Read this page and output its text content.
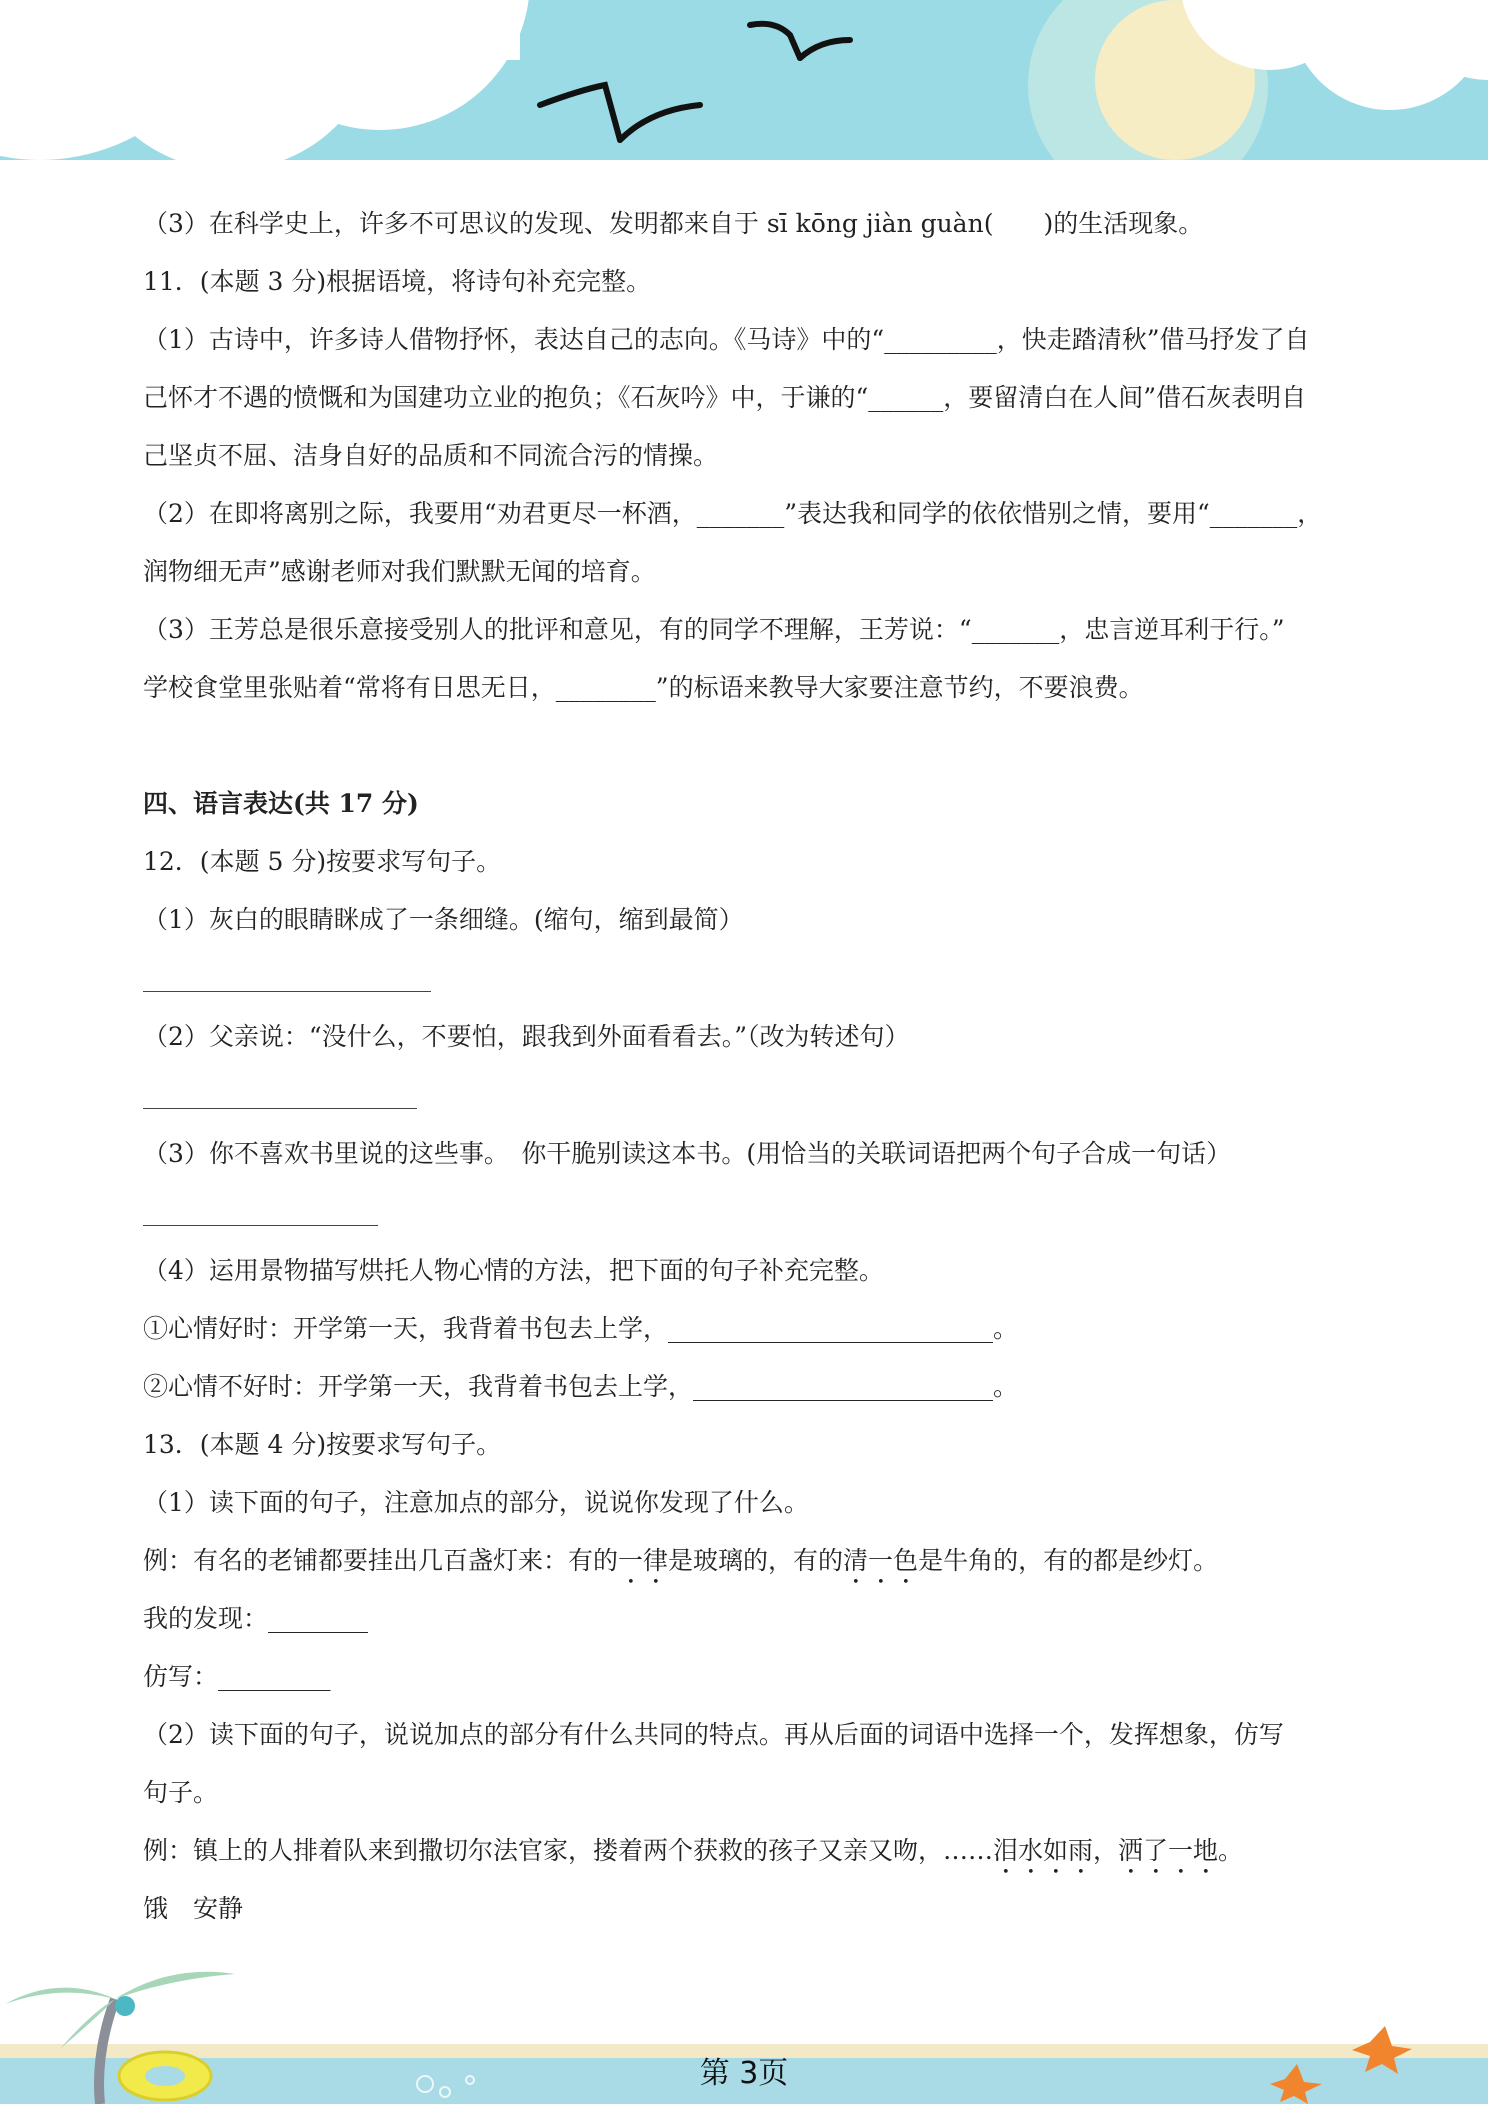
（3）在科学史上，许多不可思议的发现、发明都来自于 sī kōng jiàn guàn(　　)的生活现象。
11．(本题 3 分)根据语境，将诗句补充完整。
（1）古诗中，许多诗人借物抒怀，表达自己的志向。《马诗》中的“_________，快走踏清秋”借马抒发了自
己怀才不遇的愤慨和为国建功立业的抱负；《石灰吟》中，于谦的“______，要留清白在人间”借石灰表明自
己坚贞不屈、洁身自好的品质和不同流合污的情操。
（2）在即将离别之际，我要用“劝君更尽一杯酒，_______”表达我和同学的依依惜别之情，要用“_______，
润物细无声”感谢老师对我们默默无闻的培育。
（3）王芳总是很乐意接受别人的批评和意见，有的同学不理解，王芳说：“_______，忠言逆耳利于行。”
学校食堂里张贴着“常将有日思无日，________”的标语来教导大家要注意节约，不要浪费。
四、语言表达(共 17 分)
12．(本题 5 分)按要求写句子。
（1）灰白的眼睛眯成了一条细缝。(缩句，缩到最简）
（2）父亲说：“没什么，不要怕，跟我到外面看看去。”（改为转述句）
（3）你不喜欢书里说的这些事。　你干脆别读这本书。(用恰当的关联词语把两个句子合成一句话）
（4）运用景物描写烘托人物心情的方法，把下面的句子补充完整。
①心情好时：开学第一天，我背着书包去上学，__________________________。
②心情不好时：开学第一天，我背着书包去上学，________________________。
13．(本题 4 分)按要求写句子。
（1）读下面的句子，注意加点的部分，说说你发现了什么。
例：有名的老铺都要挂出几百盏灯来：有的一律是玻璃的，有的清一色是牛角的，有的都是纱灯。
我的发现：________
仿写：_________
（2）读下面的句子，说说加点的部分有什么共同的特点。再从后面的词语中选择一个，发挥想象，仿写
句子。
例：镇上的人排着队来到撒切尔法官家，搂着两个获救的孩子又亲又吻，……泪水如雨，洒了一地。
饿　安静
第 3页
